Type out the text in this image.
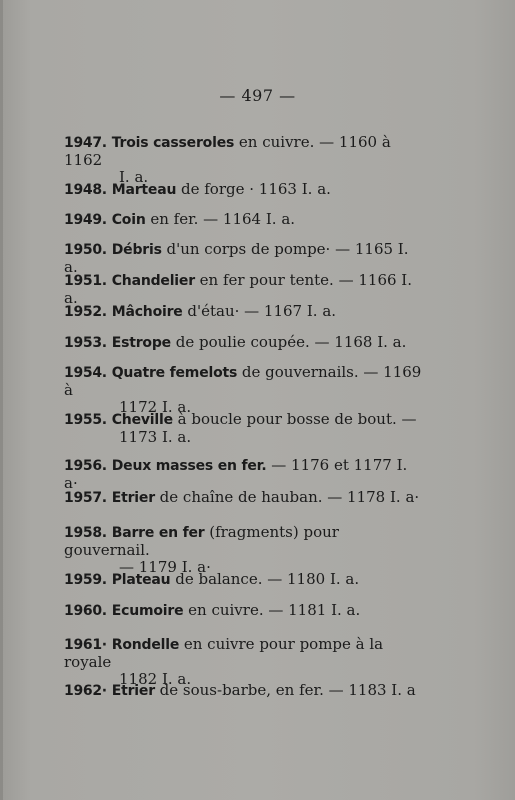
— 497 —
1947. Trois casseroles en cuivre. — 1160 à 1162
I. a.
1948. Marteau de forge · 1163 I. a.
1949. Coin en fer. — 1164 I. a.
1950. Débris d'un corps de pompe· — 1165 I. a.
1951. Chandelier en fer pour tente. — 1166 I. a.
1952. Mâchoire d'étau· — 1167 I. a.
1953. Estrope de poulie coupée. — 1168 I. a.
1954. Quatre femelots de gouvernails. — 1169 à
1172 I. a.
1955. Cheville à boucle pour bosse de bout. —
1173 I. a.
1956. Deux masses en fer. — 1176 et 1177 I. a·
1957. Etrier de chaîne de hauban. — 1178 I. a·
1958. Barre en fer (fragments) pour gouvernail.
— 1179 I. a·
1959. Plateau de balance. — 1180 I. a.
1960. Ecumoire en cuivre. — 1181 I. a.
1961· Rondelle en cuivre pour pompe à la royale
1182 I. a.
1962· Etrier de sous-barbe, en fer. — 1183 I. a
